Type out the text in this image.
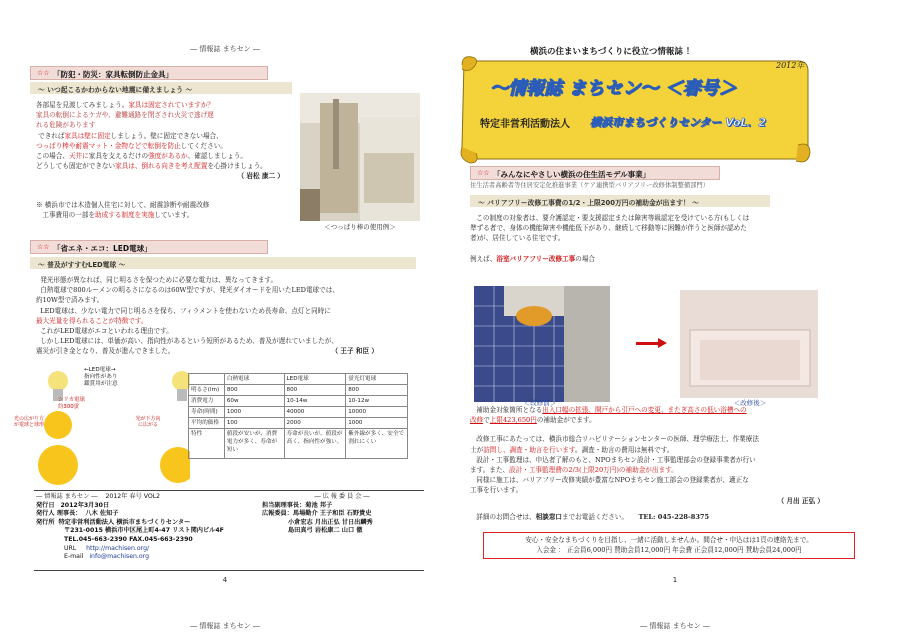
― 情報誌 まちセン ―
☆☆ 「防犯・防災：家具転倒防止金具」
～ いつ起こるかわからない地震に備えましょう ～

各部屋を見渡してみましょう。家具は固定されていますか？

家具の転倒によるケガや、避難通路を閉ざされ火災で逃げ遅

れる危険があります

できれば家具は壁に固定しましょう。壁に固定できない場合、

つっぱり棒や耐震マット・金物などで転倒を防止してください。

この場合、天井に家具を支えるだけの強度があるか、確認しましょう。

どうしても固定ができない家具は、倒れる向きを考え配置を心掛けましょう。

（ 岩松 康二 ）

※ 横浜市では木造個人住宅に対して、耐震診断や耐震改修

工事費用の一部を助成する制度を実施しています。

＜つっぱり棒の使用例＞
☆☆ 「省エネ・エコ：LED電球」
～ 普及がすすむLED電球 ～

発光形態が異なれば、同じ明るさを保つために必要な電力は、異なってきます。

白熱電球で800ルーメンの明るさになるのは60W型ですが、発光ダイオードを用いたLED電球では、

約10W型で済みます。

LED電球は、少ない電力で同じ明るさを保ち、フィラメントを使わないため長寿命、点灯と同時に

最大光量を得られることが特徴です。

これがLED電球がエコといわれる理由です。

しかしLED電球には、単価が高い、指向性があるという短所があるため、普及が遅れていましたが、

震災が引き金となり、普及が進んできました。	（ 王子 和臣 ）

←LED電球→

指向性があり

鑑賞用が注意

シリカ電球

約300蛍

光の広がり方が電球と球形
光が下方向に広がる
	白熱電球	LED電球	蛍光灯電球
明るさ(lm)	800	800	800
消費電力	60w	10-14w	10-12w
寿命(時間)	1000	40000	10000
平均的価格	100	2000	1000
特性	値段が安いが、消費電力が多く、寿命が短い	寿命が長いが、値段が高く、指向性が強い。	紫外線が多く、安全で割れにくい

― 情報誌 まちセン ― 2012年 春号 VOL2

発行日 2012年3月30日

発行人 理事長： 八木 佐知子

発行所 特定非営利活動法人 横浜市まちづくりセンター

〒231-0015 横浜市中区尾上町4-47 リスト関内ビル4F

TEL.045-663-2390 FAX.045-663-2390

URL http://machisen.org/

E-mail info@machisen.org

― 広 報 委 員 会 ―

担当副理事長：菊池 邦子

広報委員：馬場勤介 王子和臣 石野貴史

小倉宏志 月出正弘 甘日出麟秀

島田真弓 岩松康二 山口 徹

4
― 情報誌 まちセン ―
横浜の住まいまちづくりに役立つ情報誌 ！
2012年
～情報誌 まちセン～ ＜春号＞
特定非営利活動法人 横浜市まちづくりセンター VoL．2
☆☆ 「みんなにやさしい横浜の住生活モデル事業」
住生活者高齢者等住居安定化推進事業（ケア連携型バリアフリー改修体制整備部門）
～ バリアフリー改修工事費の1/2・上限200万円の補助金が出ます！ ～

この制度の対象者は、要介護認定・要支援認定または障害等級認定を受けている方(もしくは

準ずる者で、身体の機能障害や機能低下があり、継続して移動等に困難が伴うと医師が認めた

者)が、居住している住宅です。

例えば、浴室バリアフリー改修工事の場合

＜改修前＞	＜改修後＞

補助金対象箇所となる出入口幅の拡張、開戸から引戸への変更、またぎ高さの低い浴槽への

改修で上限423,650円の補助金がでます。

改修工事にあたっては、横浜市総合リハビリテーションセンターの医師、理学療法士、作業療法

士が訪問し、調査・助言を行います。調査・助言の費用は無料です。

設計・工事監理は、申込者了解のもと、NPOまちセン設計・工事監理部会の登録事業者が行い

ます。また、設計・工事監理費の2/3(上限20万円)の補助金が出ます。

同様に施工は、バリアフリー改修実績が豊富なNPOまちセン施工部会の登録業者が、適正な

工事を行います。

（ 月出 正弘 ）

詳細のお問合せは、相談窓口までお電話ください。 TEL: 045-228-8375

安心・安全なまちづくりを目指し、一緒に活動しませんか。間合せ・申込はは1頁の連絡先まで。

入会金 ： 正会員6,000円 賛助会員12,000円 年会費 正会員12,000円 賛助会員24,000円

1
― 情報誌 まちセン ―
